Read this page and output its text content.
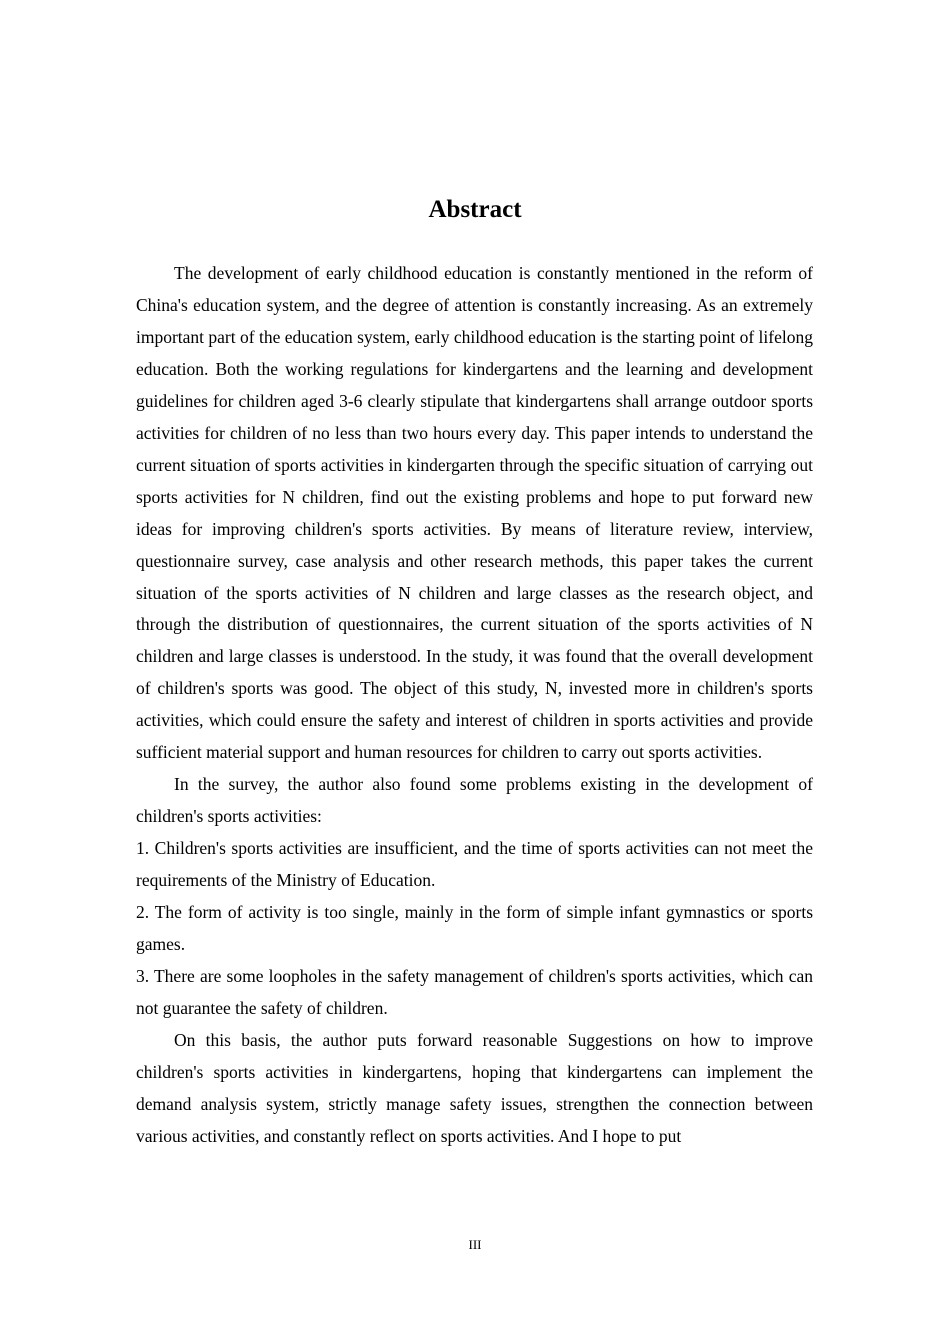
Abstract

The development of early childhood education is constantly mentioned in the reform of China's education system, and the degree of attention is constantly increasing. As an extremely important part of the education system, early childhood education is the starting point of lifelong education. Both the working regulations for kindergartens and the learning and development guidelines for children aged 3-6 clearly stipulate that kindergartens shall arrange outdoor sports activities for children of no less than two hours every day. This paper intends to understand the current situation of sports activities in kindergarten through the specific situation of carrying out sports activities for N children, find out the existing problems and hope to put forward new ideas for improving children's sports activities. By means of literature review, interview, questionnaire survey, case analysis and other research methods, this paper takes the current situation of the sports activities of N children and large classes as the research object, and through the distribution of questionnaires, the current situation of the sports activities of N children and large classes is understood. In the study, it was found that the overall development of children's sports was good. The object of this study, N, invested more in children's sports activities, which could ensure the safety and interest of children in sports activities and provide sufficient material support and human resources for children to carry out sports activities.

In the survey, the author also found some problems existing in the development of children's sports activities:

1. Children's sports activities are insufficient, and the time of sports activities can not meet the requirements of the Ministry of Education.

2. The form of activity is too single, mainly in the form of simple infant gymnastics or sports games.

3. There are some loopholes in the safety management of children's sports activities, which can not guarantee the safety of children.

On this basis, the author puts forward reasonable Suggestions on how to improve children's sports activities in kindergartens, hoping that kindergartens can implement the demand analysis system, strictly manage safety issues, strengthen the connection between various activities, and constantly reflect on sports activities. And I hope to put

III
